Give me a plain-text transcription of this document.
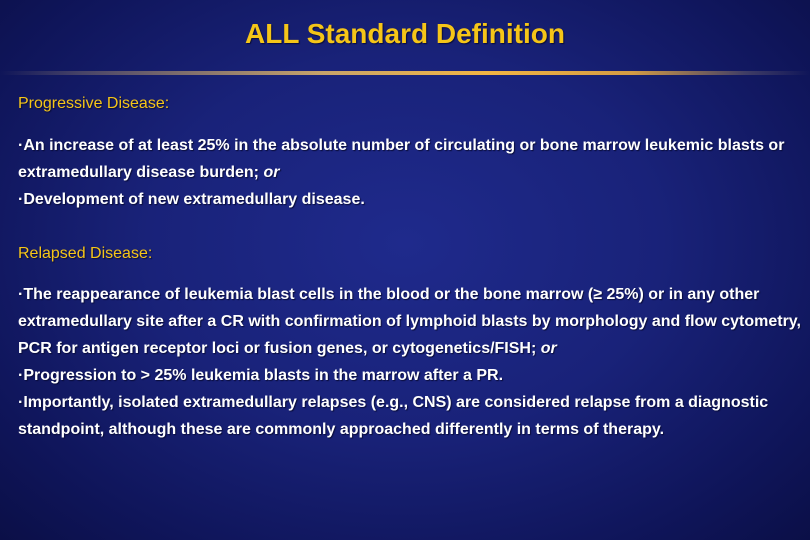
ALL Standard Definition
Progressive Disease:

·An increase of at least 25% in the absolute number of circulating or bone marrow leukemic blasts or extramedullary disease burden; or

·Development of new extramedullary disease.

Relapsed Disease:

·The reappearance of leukemia blast cells in the blood or the bone marrow (≥ 25%) or in any other extramedullary site after a CR with confirmation of lymphoid blasts by morphology and flow cytometry, PCR for antigen receptor loci or fusion genes, or cytogenetics/FISH; or

·Progression to > 25% leukemia blasts in the marrow after a PR.

·Importantly, isolated extramedullary relapses (e.g., CNS) are considered relapse from a diagnostic standpoint, although these are commonly approached differently in terms of therapy.
